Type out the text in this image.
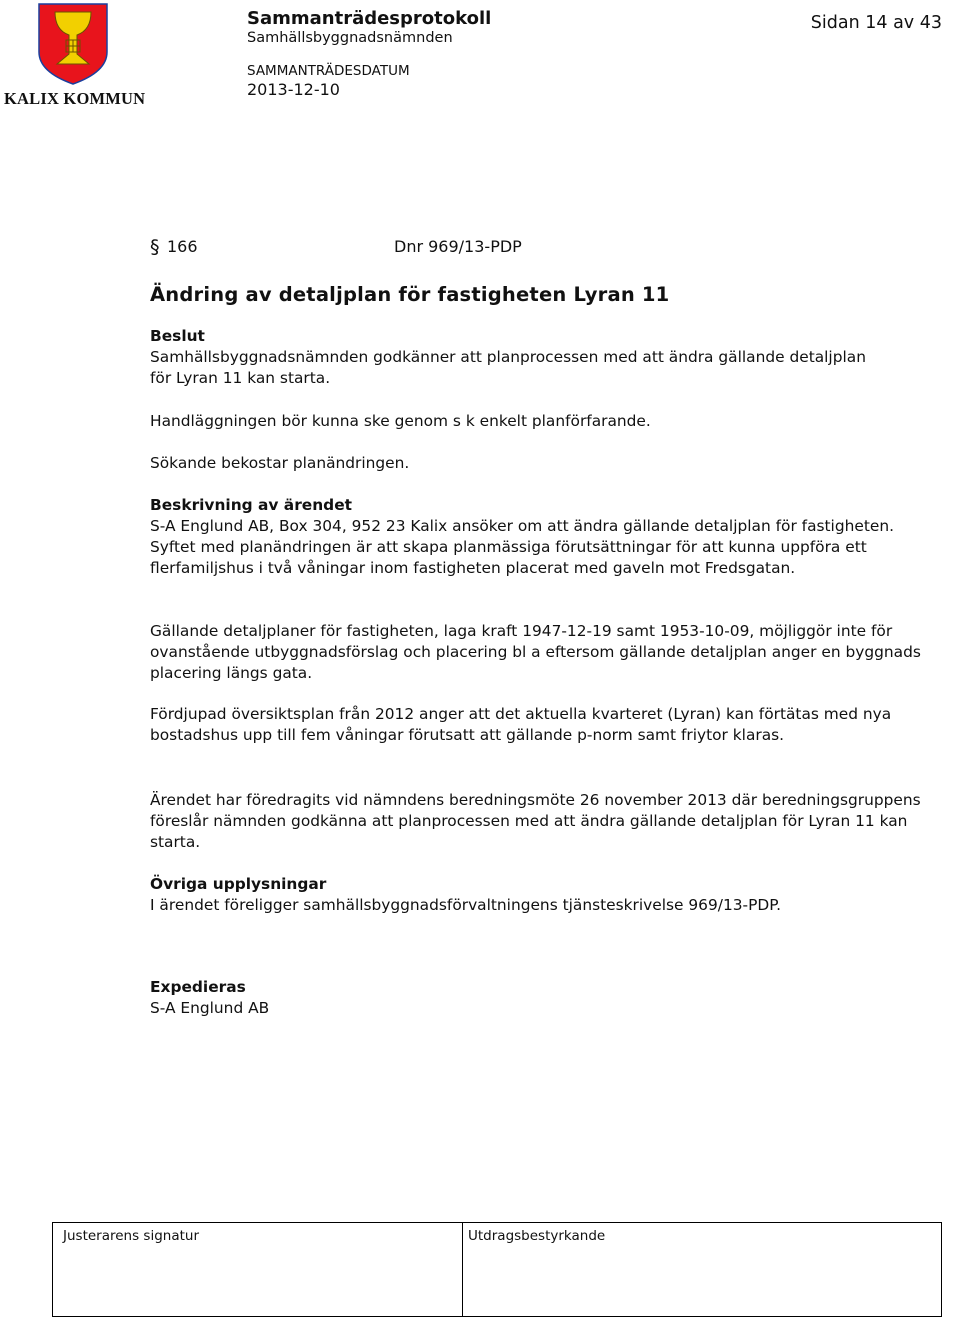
KALIX KOMMUN
Sammanträdesprotokoll
Samhällsbyggnadsnämnden
SAMMANTRÄDESDATUM
2013-12-10
Sidan 14 av 43
§ 166	Dnr 969/13-PDP
Ändring av detaljplan för fastigheten Lyran 11
Beslut
Samhällsbyggnadsnämnden godkänner att planprocessen med att ändra gällande detaljplan för Lyran 11 kan starta.
Handläggningen bör kunna ske genom s k enkelt planförfarande.
Sökande bekostar planändringen.
Beskrivning av ärendet
S-A Englund AB, Box 304, 952 23 Kalix ansöker om att ändra gällande detaljplan för fastigheten. Syftet med planändringen är att skapa planmässiga förutsättningar för att kunna uppföra ett flerfamiljshus i två våningar inom fastigheten placerat med gaveln mot Fredsgatan.
Gällande detaljplaner för fastigheten, laga kraft 1947-12-19 samt 1953-10-09, möjliggör inte för ovanstående utbyggnadsförslag och placering bl a eftersom gällande detaljplan anger en byggnads placering längs gata.
Fördjupad översiktsplan från 2012 anger att det aktuella kvarteret (Lyran) kan förtätas med nya bostadshus upp till fem våningar förutsatt att gällande p-norm samt friytor klaras.
Ärendet har föredragits vid nämndens beredningsmöte 26 november 2013 där beredningsgruppens föreslår nämnden godkänna att planprocessen med att ändra gällande detaljplan för Lyran 11 kan starta.
Övriga upplysningar
I ärendet föreligger samhällsbyggnadsförvaltningens tjänsteskrivelse 969/13-PDP.
Expedieras
S-A Englund AB
Justerarens signatur	Utdragsbestyrkande
